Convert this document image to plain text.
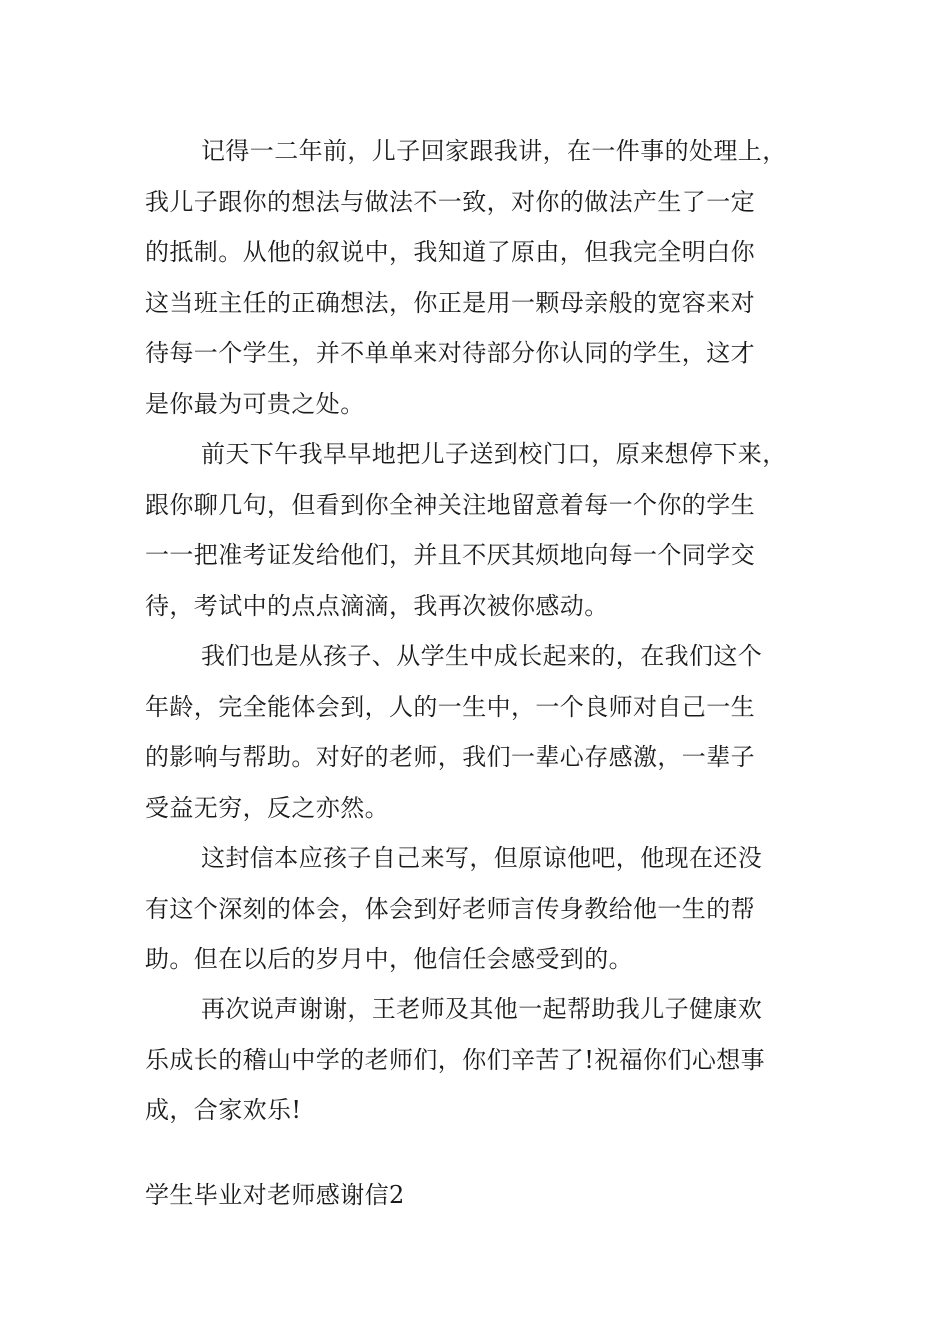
记得一二年前，儿子回家跟我讲，在一件事的处理上，
我儿子跟你的想法与做法不一致，对你的做法产生了一定
的抵制。从他的叙说中，我知道了原由，但我完全明白你
这当班主任的正确想法，你正是用一颗母亲般的宽容来对
待每一个学生，并不单单来对待部分你认同的学生，这才
是你最为可贵之处。
前天下午我早早地把儿子送到校门口，原来想停下来，
跟你聊几句，但看到你全神关注地留意着每一个你的学生
一一把准考证发给他们，并且不厌其烦地向每一个同学交
待，考试中的点点滴滴，我再次被你感动。
我们也是从孩子、从学生中成长起来的，在我们这个
年龄，完全能体会到，人的一生中，一个良师对自己一生
的影响与帮助。对好的老师，我们一辈心存感激，一辈子
受益无穷，反之亦然。
这封信本应孩子自己来写，但原谅他吧，他现在还没
有这个深刻的体会，体会到好老师言传身教给他一生的帮
助。但在以后的岁月中，他信任会感受到的。
再次说声谢谢，王老师及其他一起帮助我儿子健康欢
乐成长的稽山中学的老师们，你们辛苦了!祝福你们心想事
成，合家欢乐!
学生毕业对老师感谢信2
